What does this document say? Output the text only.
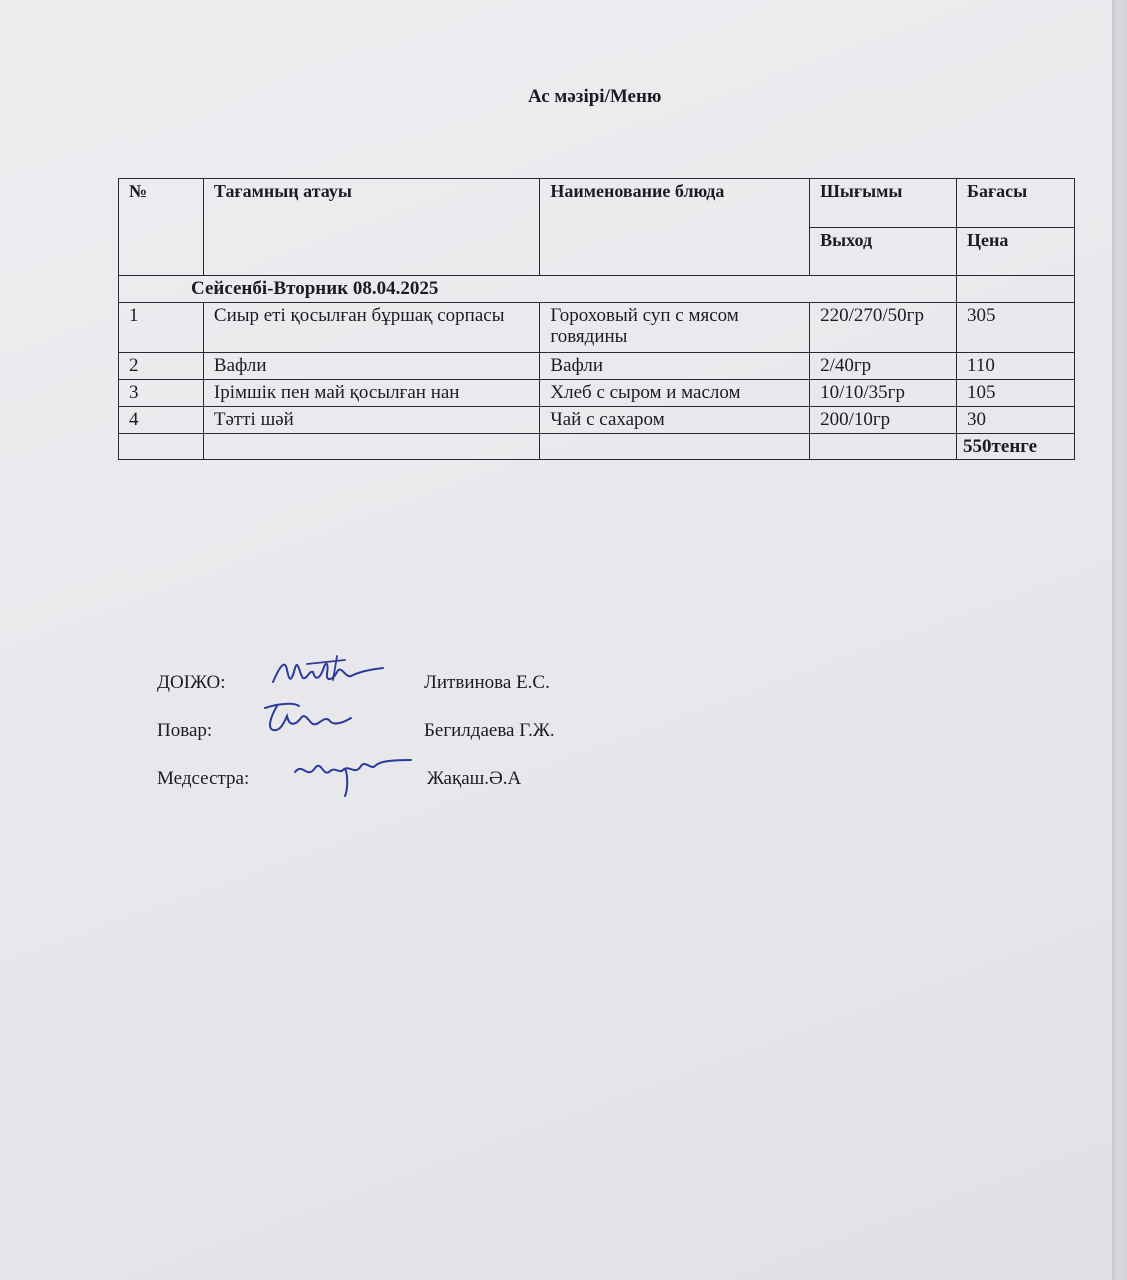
Ас мәзірі/Меню
№	Тағамның атауы	Наименование блюда	Шығымы	Бағасы
			Выход	Цена
Сейсенбі-Вторник 08.04.2025				
1	Сиыр еті қосылған бұршақ сорпасы	Гороховый суп с мясом говядины	220/270/50гр	305
2	Вафли	Вафли	2/40гр	110
3	Ірімшік пен май қосылған нан	Хлеб с сыром и маслом	10/10/35гр	105
4	Тәтті шәй	Чай с сахаром	200/10гр	30
				550тенге
ДОІЖО:	Литвинова Е.С.
Повар:	Бегилдаева Г.Ж.
Медсестра:	Жақаш.Ә.А
